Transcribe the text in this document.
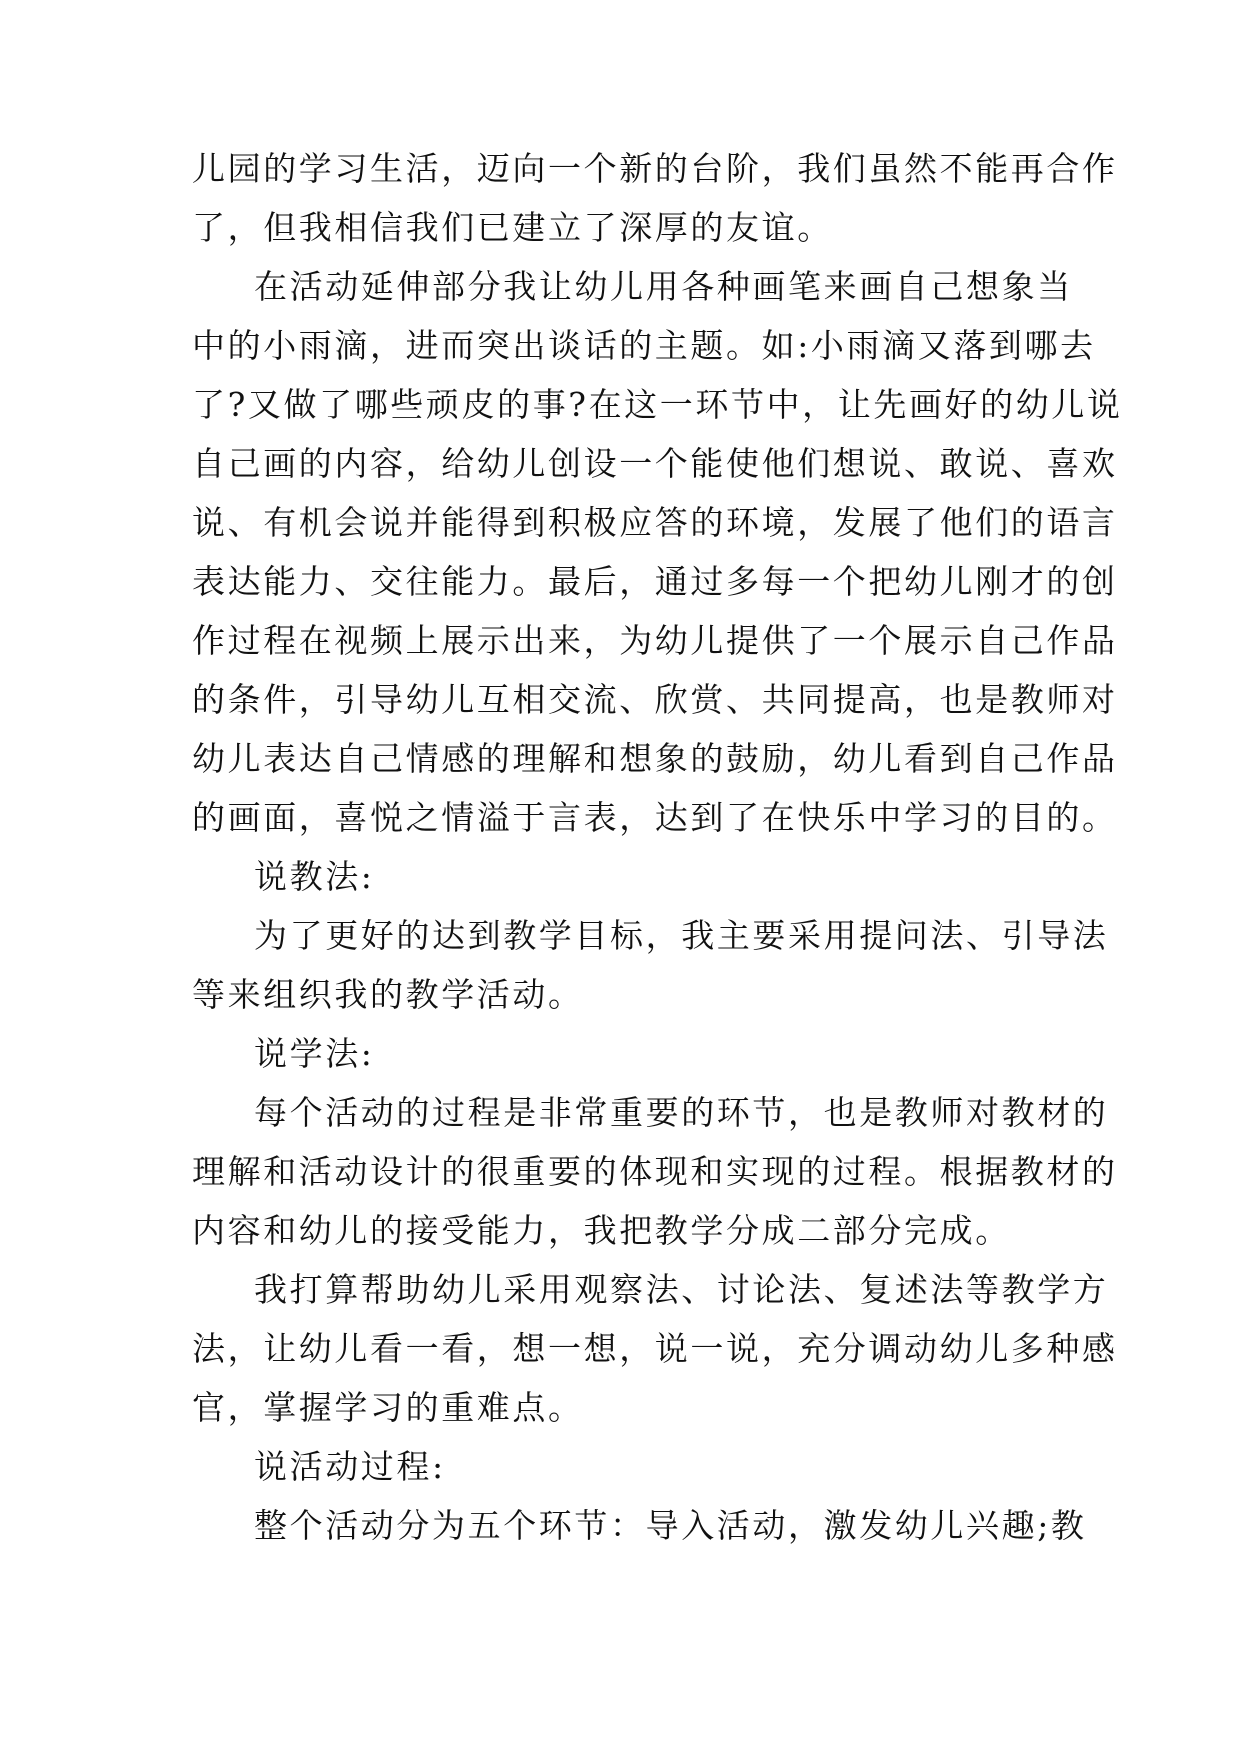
儿园的学习生活，迈向一个新的台阶，我们虽然不能再合作
了，但我相信我们已建立了深厚的友谊。
在活动延伸部分我让幼儿用各种画笔来画自己想象当
中的小雨滴，进而突出谈话的主题。如:小雨滴又落到哪去
了?又做了哪些顽皮的事?在这一环节中，让先画好的幼儿说
自己画的内容，给幼儿创设一个能使他们想说、敢说、喜欢
说、有机会说并能得到积极应答的环境，发展了他们的语言
表达能力、交往能力。最后，通过多每一个把幼儿刚才的创
作过程在视频上展示出来，为幼儿提供了一个展示自己作品
的条件，引导幼儿互相交流、欣赏、共同提高，也是教师对
幼儿表达自己情感的理解和想象的鼓励，幼儿看到自己作品
的画面，喜悦之情溢于言表，达到了在快乐中学习的目的。
说教法:
为了更好的达到教学目标，我主要采用提问法、引导法
等来组织我的教学活动。
说学法:
每个活动的过程是非常重要的环节，也是教师对教材的
理解和活动设计的很重要的体现和实现的过程。根据教材的
内容和幼儿的接受能力，我把教学分成二部分完成。
我打算帮助幼儿采用观察法、讨论法、复述法等教学方
法，让幼儿看一看，想一想，说一说，充分调动幼儿多种感
官，掌握学习的重难点。
说活动过程:
整个活动分为五个环节：导入活动，激发幼儿兴趣;教
